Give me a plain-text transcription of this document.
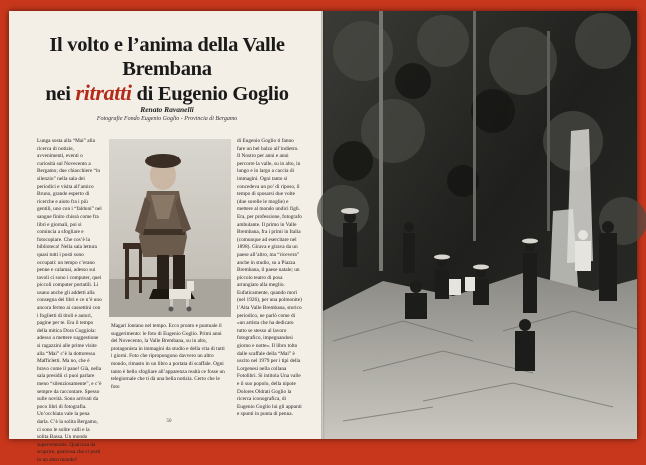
Il volto e l’anima della Valle Brembana
nei ritratti di Eugenio Goglio
Renato Ravanelli
Fotografie Fondo Eugenio Goglio - Provincia di Bergamo

Lunga sosta alla “Mai” alla ricerca di notizie, avvenimenti, eventi o curiosità sul Novecento a Bergamo; due chiacchiere “in silenzio” nella sala dei periodici e visita all’amico Bruno, grande esperto di ricerche e aiuto fra i più gentili, uno con i “faldoni” nel sangue finito chissà come fra libri e giornali, poi si comincia a sfogliare e fotocopiare. Che cos’è la biblioteca! Nella sala lettura quasi tutti i posti sono occupati: un tempo c’erano penne e calamai, adesso sui tavoli ci sono i computer, quei piccoli computer portatili. Li usano anche gli addetti alla consegna dei libri e ce n’è uno ancora fermo ai cassettini con i foglietti di titoli e autori, pagine per te. Era il tempo della mitica Dora Coggiola: adesso a mettere suggestione si ragazzini alle prime visite alla “Mai” c’è la dottoressa Mafficletti. Ma no, che è bravo come il pane! Già, nella sala presidii ci puoi parlare meno “silenziosamente”, e c’è sempre da raccontare. Spesso sulle novità. Sono arrivati da poco libri di fotografia. Un’occhiata vale la pena darla. C’è la solita Bergamo, ci sono le solite valli e la solita Bassa. Un mondo supervenerato. Qualcosa da scoprire, qualcosa che ci porti in un altro mondo?

Magari lontano nel tempo. Ecco pronto e puntuale il suggerimento: le foto di Eugenio Goglio. Primi anni del Novecento, la Valle Brembana, su in alto, protagonista in immagini da studio e della vita di tutti i giorni. Foto che ripropongono davvero un altro mondo, rimasto in un libro a portata di scaffale. Ogni tanto è bello sfogliare all’apparenza realtà ce fosse un telegiornale che ti dà una bella notizia. Certo che le foto

di Eugenio Goglio ti fanno fare un bel balzo all’indietro. Il Nostro per anni e anni percorre la valle, su in alto, in lungo e in largo a caccia di immagini. Ogni tanto si concedeva un po’ di riposo, il tempo di sposarsi due volte (due sorelle le moglie) e mettere al mondo undici figli. Era, per professione, fotografo ambulante. Il primo in Valle Brembana, fra i primi in Italia (comunque ad esercitare nel 1898). Girava e girava da un paese all’altro, ma “ricevera” anche in studio, su a Piazza Brembana, il paese natale; un piccolo teatro di posa arrangiato alla meglio. Eufaticamente, quando morì (nel 1926), per una polmonite) l’Alta Valle Brembana, storico periodico, ne parlò come di «un artista che ha dedicato tutto se stesso al lavoro fotografico, impegnandosi giorno e notte». Il libro tolto dalle scaffale della “Mai” è uscito nel 1979 per i tipi della Lorgenesi nella collana Fotolibri. Si intitola Una valle e il suo popolo, della nipote Dolores Oldrati Goglio la ricerca iconografica, di Eugenio Goglio lui gli appunti e spunti in punta di penna.

50
